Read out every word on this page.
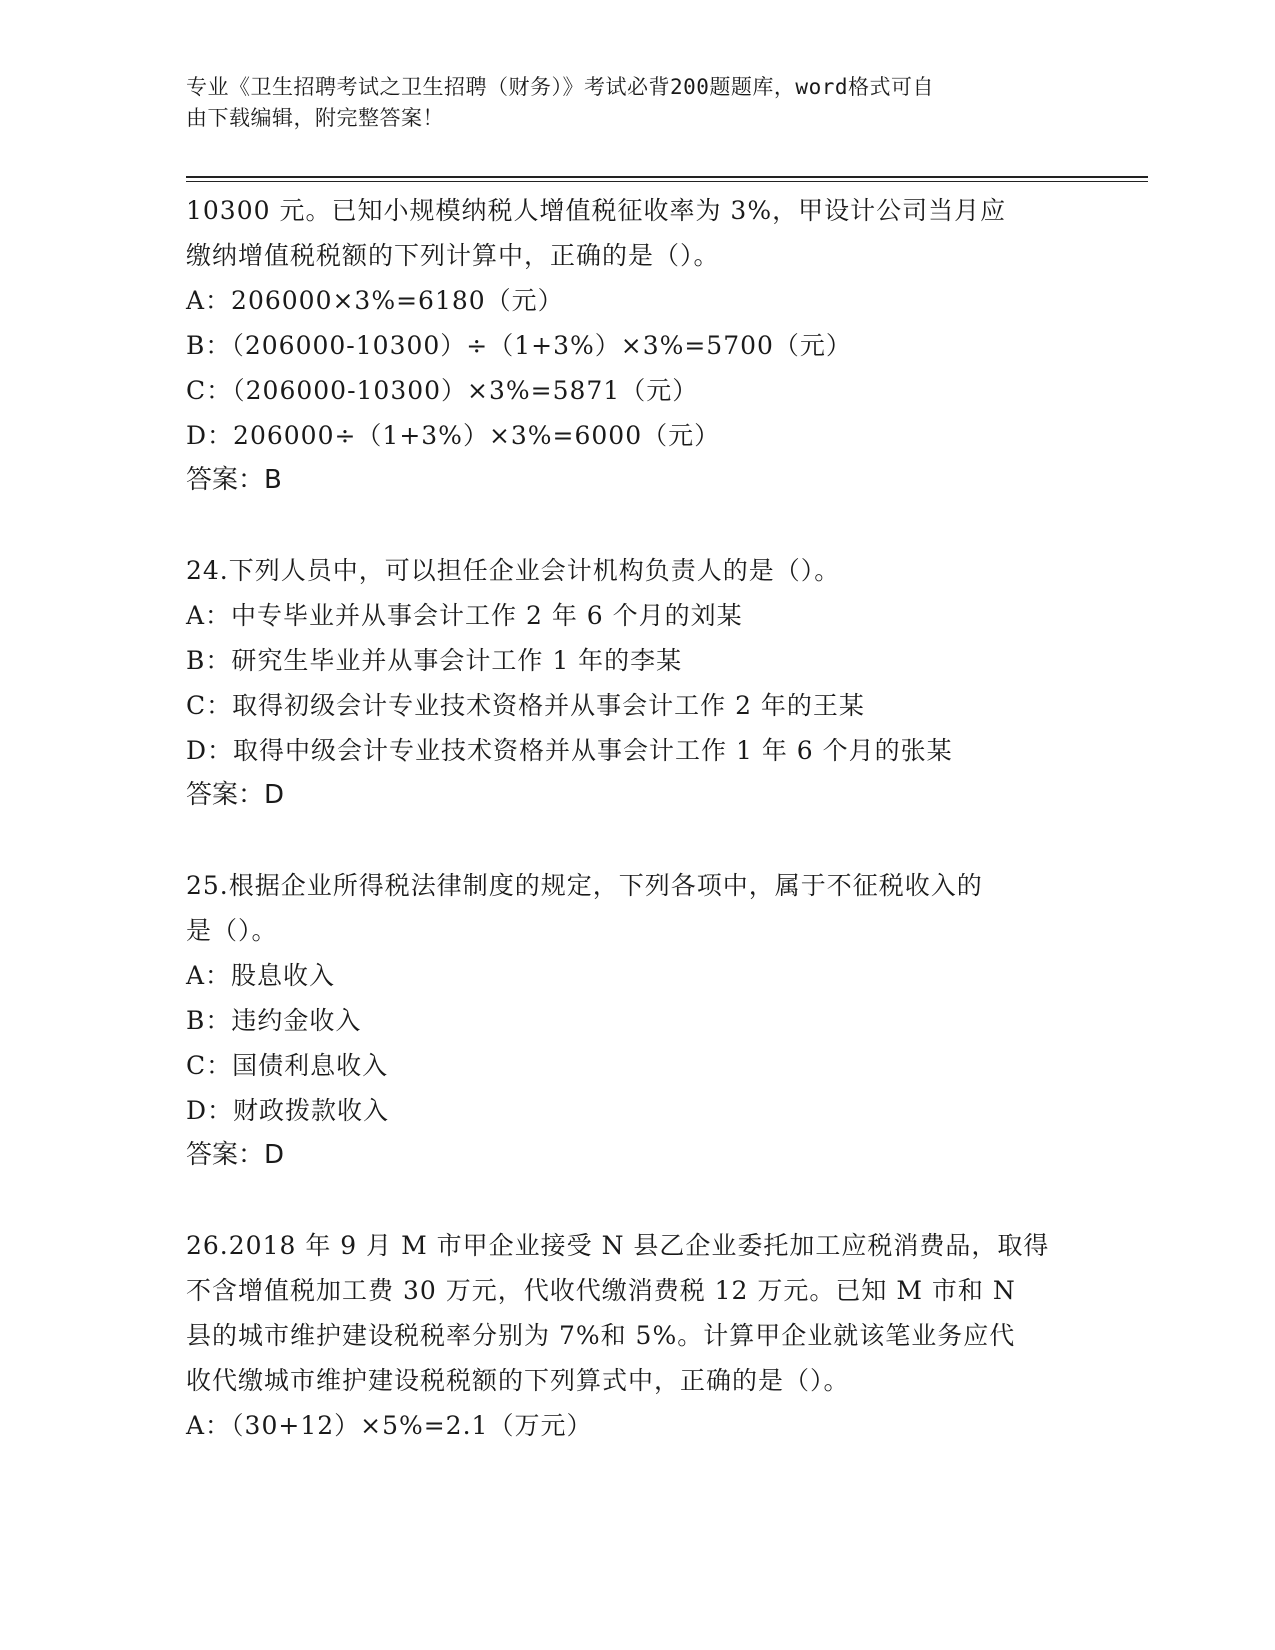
专业《卫生招聘考试之卫生招聘（财务）》考试必背200题题库，word格式可自
由下载编辑，附完整答案！

10300 元。已知小规模纳税人增值税征收率为 3%，甲设计公司当月应

缴纳增值税税额的下列计算中，正确的是（）。

A：206000×3%=6180（元）

B：（206000-10300）÷（1+3%）×3%=5700（元）

C：（206000-10300）×3%=5871（元）

D：206000÷（1+3%）×3%=6000（元）

答案：B

24.下列人员中，可以担任企业会计机构负责人的是（）。

A：中专毕业并从事会计工作 2 年 6 个月的刘某

B：研究生毕业并从事会计工作 1 年的李某

C：取得初级会计专业技术资格并从事会计工作 2 年的王某

D：取得中级会计专业技术资格并从事会计工作 1 年 6 个月的张某

答案：D

25.根据企业所得税法律制度的规定，下列各项中，属于不征税收入的

是（）。

A：股息收入

B：违约金收入

C：国债利息收入

D：财政拨款收入

答案：D

26.2018 年 9 月 M 市甲企业接受 N 县乙企业委托加工应税消费品，取得

不含增值税加工费 30 万元，代收代缴消费税 12 万元。已知 M 市和 N

县的城市维护建设税税率分别为 7%和 5%。计算甲企业就该笔业务应代

收代缴城市维护建设税税额的下列算式中，正确的是（）。

A：（30+12）×5%=2.1（万元）
